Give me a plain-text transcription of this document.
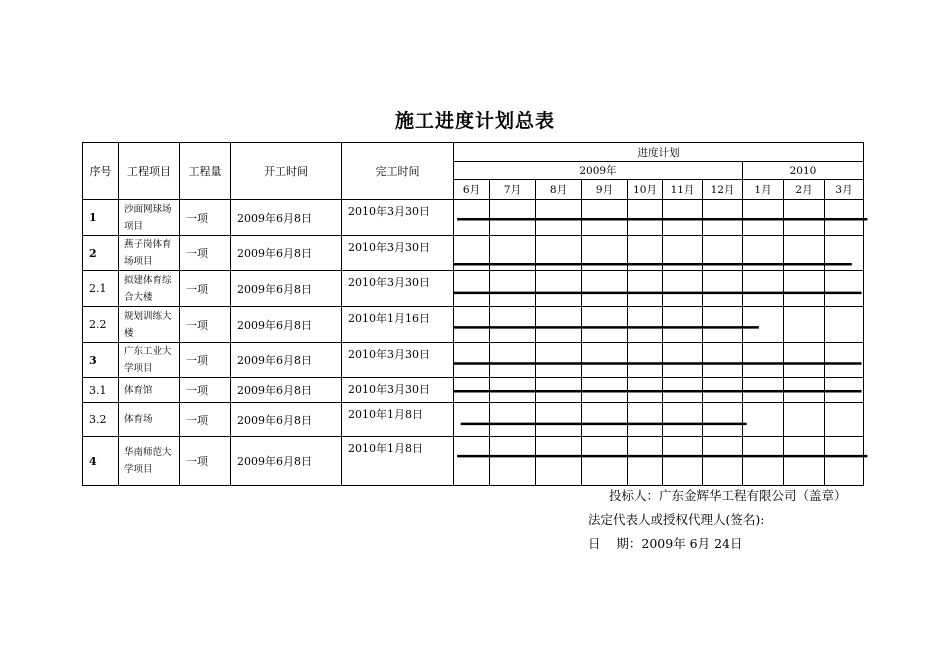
施工进度计划总表
序号	工程项目	工程量	开工时间	完工时间	进度计划									
					2009年							2010		
					6月	7月	8月	9月	10月	11月	12月	1月	2月	3月
1	沙面网球场项目	一项	2009年6月8日	2010年3月30日										
2	燕子岗体育场项目	一项	2009年6月8日	2010年3月30日										
2.1	拟建体育综合大楼	一项	2009年6月8日	2010年3月30日										
2.2	规划训练大楼	一项	2009年6月8日	2010年1月16日										
3	广东工业大学项目	一项	2009年6月8日	2010年3月30日										
3.1	体育馆	一项	2009年6月8日	2010年3月30日										
3.2	体育场	一项	2009年6月8日	2010年1月8日										
4	华南师范大学项目	一项	2009年6月8日	2010年1月8日										
投标人：广东金辉华工程有限公司（盖章）
法定代表人或授权代理人(签名):
日    期：2009年 6月 24日
